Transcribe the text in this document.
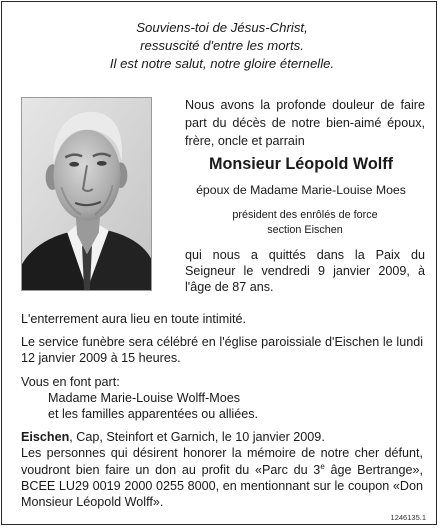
Souviens-toi de Jésus-Christ,
ressuscité d'entre les morts.
Il est notre salut, notre gloire éternelle.
Nous avons la profonde douleur de faire part du décès de notre bien-aimé époux, frère, oncle et parrain
Monsieur Léopold Wolff
époux de Madame Marie-Louise Moes
président des enrôlés de force
section Eischen
qui nous a quittés dans la Paix du Seigneur le vendredi 9 janvier 2009, à l'âge de 87 ans.

L'enterrement aura lieu en toute intimité.

Le service funèbre sera célébré en l'église paroissiale d'Eischen le lundi 12 janvier 2009 à 15 heures.

Vous en font part:

Madame Marie-Louise Wolff-Moes

et les familles apparentées ou alliées.

Eischen, Cap, Steinfort et Garnich, le 10 janvier 2009.

Les personnes qui désirent honorer la mémoire de notre cher défunt, voudront bien faire un don au profit du «Parc du 3e âge Bertrange», BCEE LU29 0019 2000 0255 8000, en mentionnant sur le coupon «Don Monsieur Léopold Wolff».

1246135.1
